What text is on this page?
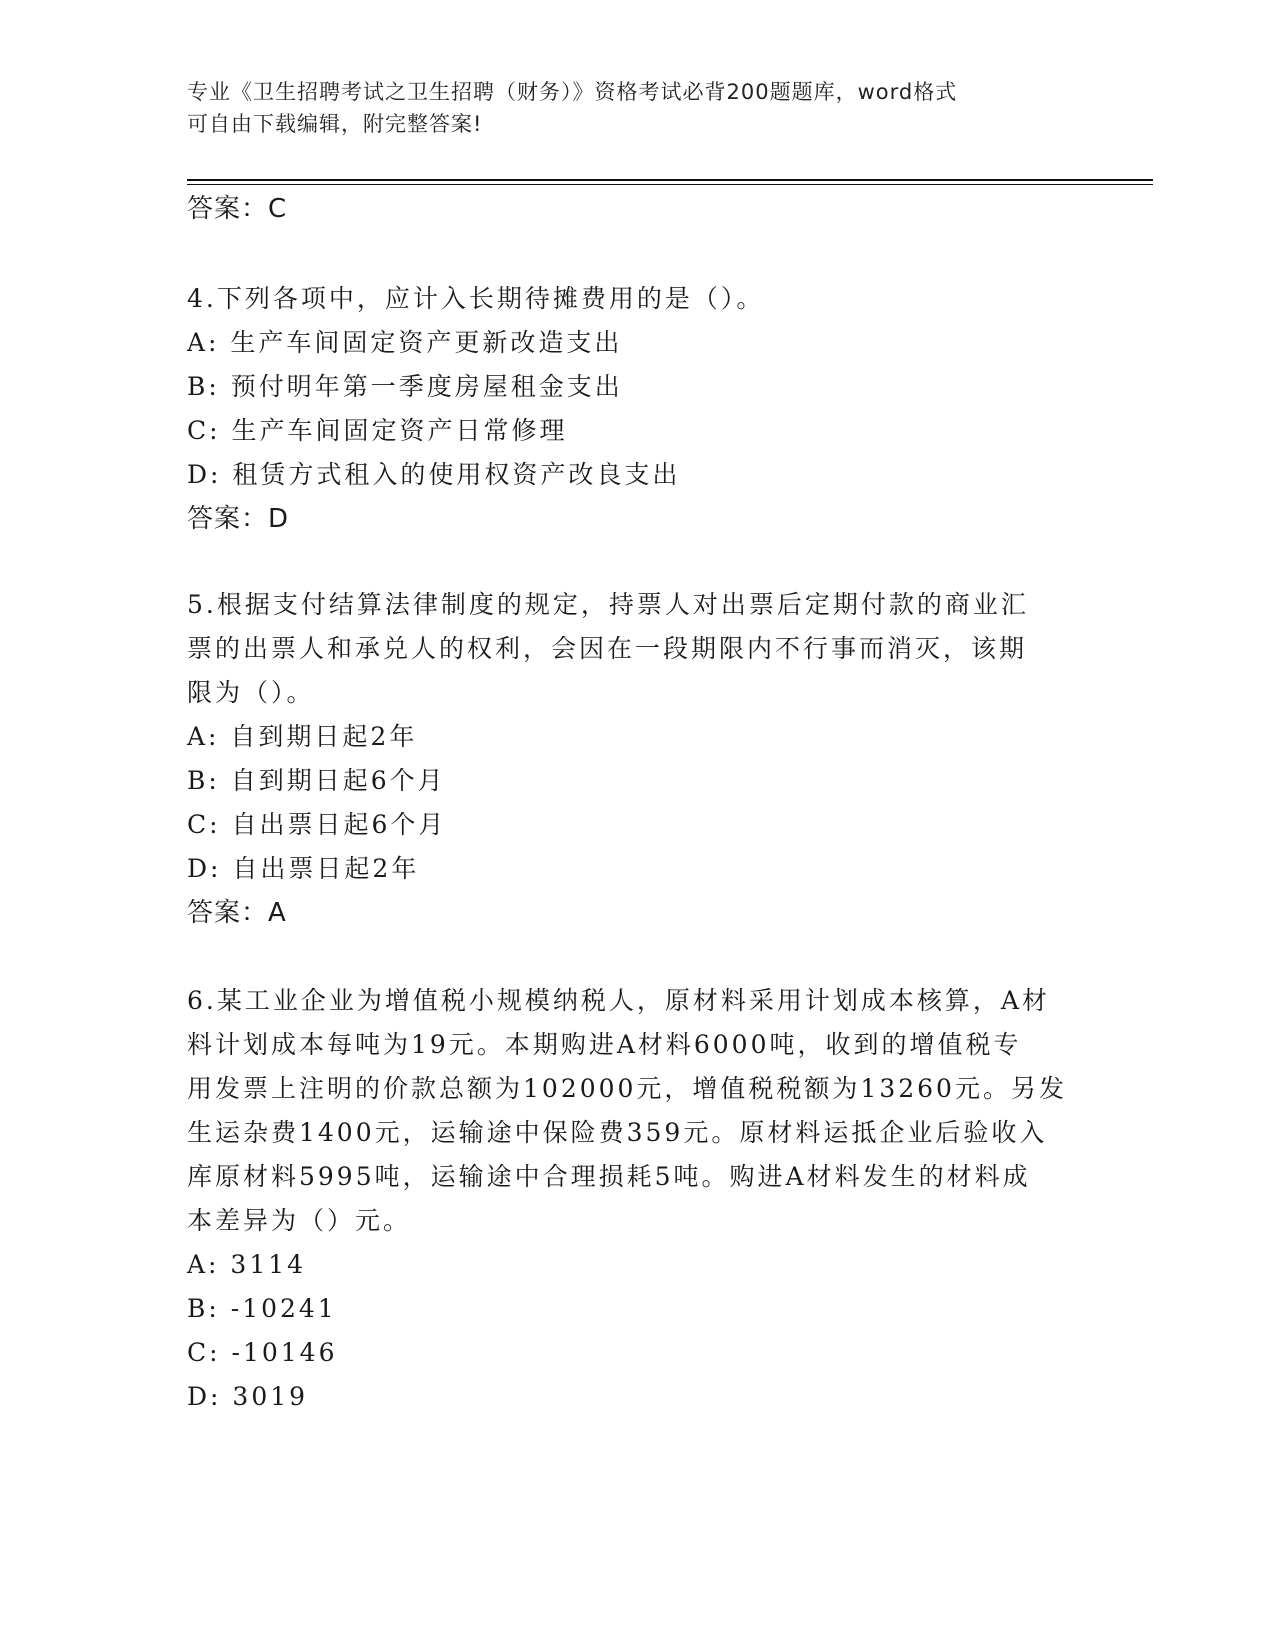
专业《卫生招聘考试之卫生招聘（财务）》资格考试必背200题题库，word格式
可自由下载编辑，附完整答案!
答案：C
4.下列各项中，应计入长期待摊费用的是（）。
A: 生产车间固定资产更新改造支出
B: 预付明年第一季度房屋租金支出
C: 生产车间固定资产日常修理
D: 租赁方式租入的使用权资产改良支出
答案：D
5.根据支付结算法律制度的规定，持票人对出票后定期付款的商业汇
票的出票人和承兑人的权利，会因在一段期限内不行事而消灭，该期
限为（）。
A: 自到期日起2年
B: 自到期日起6个月
C: 自出票日起6个月
D: 自出票日起2年
答案：A
6.某工业企业为增值税小规模纳税人，原材料采用计划成本核算，A材
料计划成本每吨为19元。本期购进A材料6000吨，收到的增值税专
用发票上注明的价款总额为102000元，增值税税额为13260元。另发
生运杂费1400元，运输途中保险费359元。原材料运抵企业后验收入
库原材料5995吨，运输途中合理损耗5吨。购进A材料发生的材料成
本差异为（）元。
A: 3114
B: -10241
C: -10146
D: 3019
